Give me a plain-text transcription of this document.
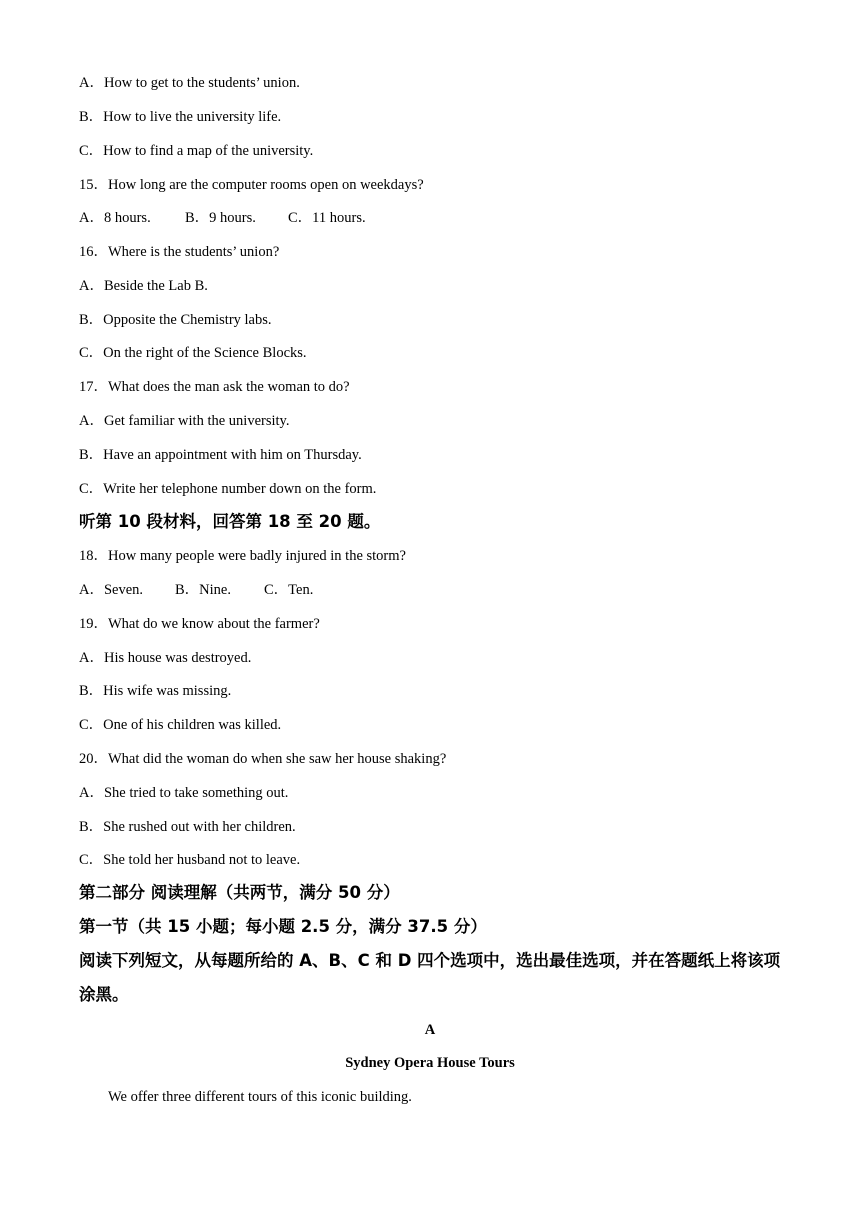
A．How to get to the students’ union.
B．How to live the university life.
C．How to find a map of the university.
15．How long are the computer rooms open on weekdays?
A．8 hours. B．9 hours. C．11 hours.
16．Where is the students’ union?
A．Beside the Lab B.
B．Opposite the Chemistry labs.
C．On the right of the Science Blocks.
17．What does the man ask the woman to do?
A．Get familiar with the university.
B．Have an appointment with him on Thursday.
C．Write her telephone number down on the form.
听第 10 段材料，回答第 18 至 20 题。
18．How many people were badly injured in the storm?
A．Seven. B．Nine. C．Ten.
19．What do we know about the farmer?
A．His house was destroyed.
B．His wife was missing.
C．One of his children was killed.
20．What did the woman do when she saw her house shaking?
A．She tried to take something out.
B．She rushed out with her children.
C．She told her husband not to leave.
第二部分 阅读理解（共两节，满分 50 分）
第一节（共 15 小题；每小题 2.5 分，满分 37.5 分）
阅读下列短文，从每题所给的 A、B、C 和 D 四个选项中，选出最佳选项，并在答题纸上将该项涂黑。
A
Sydney Opera House Tours
We offer three different tours of this iconic building.
